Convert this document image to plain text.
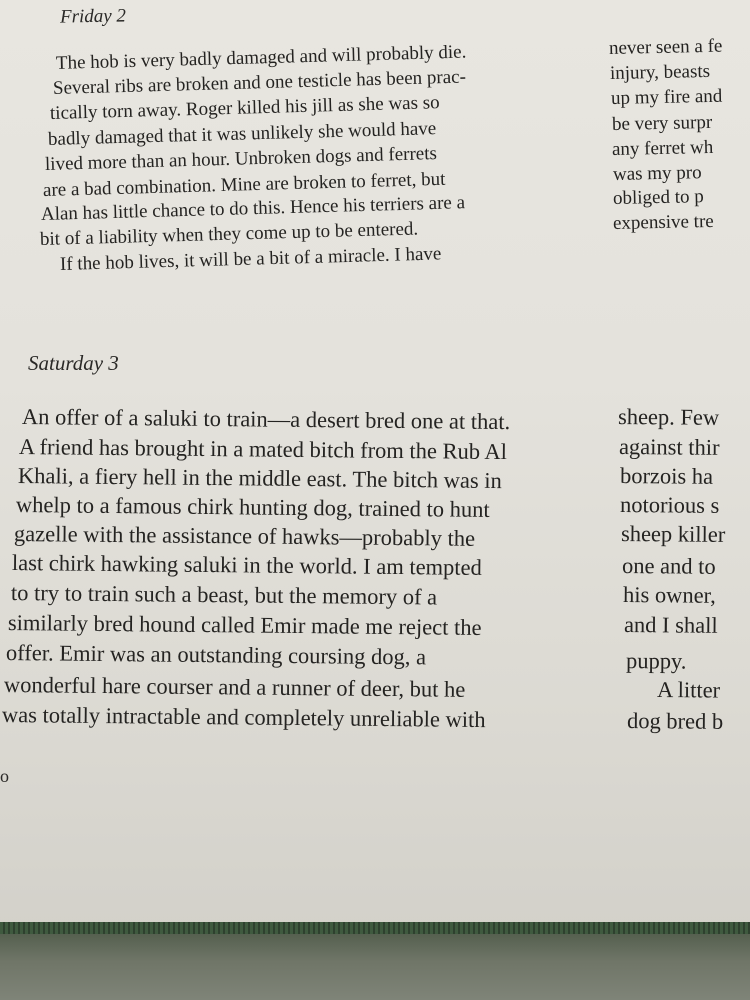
Friday 2
The hob is very badly damaged and will probably die.
Several ribs are broken and one testicle has been prac-
tically torn away. Roger killed his jill as she was so
badly damaged that it was unlikely she would have
lived more than an hour. Unbroken dogs and ferrets
are a bad combination. Mine are broken to ferret, but
Alan has little chance to do this. Hence his terriers are a
bit of a liability when they come up to be entered.
If the hob lives, it will be a bit of a miracle. I have
never seen a fe
injury, beasts
up my fire and
be very surpr
any ferret wh
was my pro
obliged to p
expensive tre
Saturday 3
An offer of a saluki to train—a desert bred one at that.
A friend has brought in a mated bitch from the Rub Al
Khali, a fiery hell in the middle east. The bitch was in
whelp to a famous chirk hunting dog, trained to hunt
gazelle with the assistance of hawks—probably the
last chirk hawking saluki in the world. I am tempted
to try to train such a beast, but the memory of a
similarly bred hound called Emir made me reject the
offer. Emir was an outstanding coursing dog, a
wonderful hare courser and a runner of deer, but he
was totally intractable and completely unreliable with
sheep. Few
against thir
borzois ha
notorious s
sheep killer
one and to
his owner,
and I shall
puppy.
A litter
dog bred b
o
